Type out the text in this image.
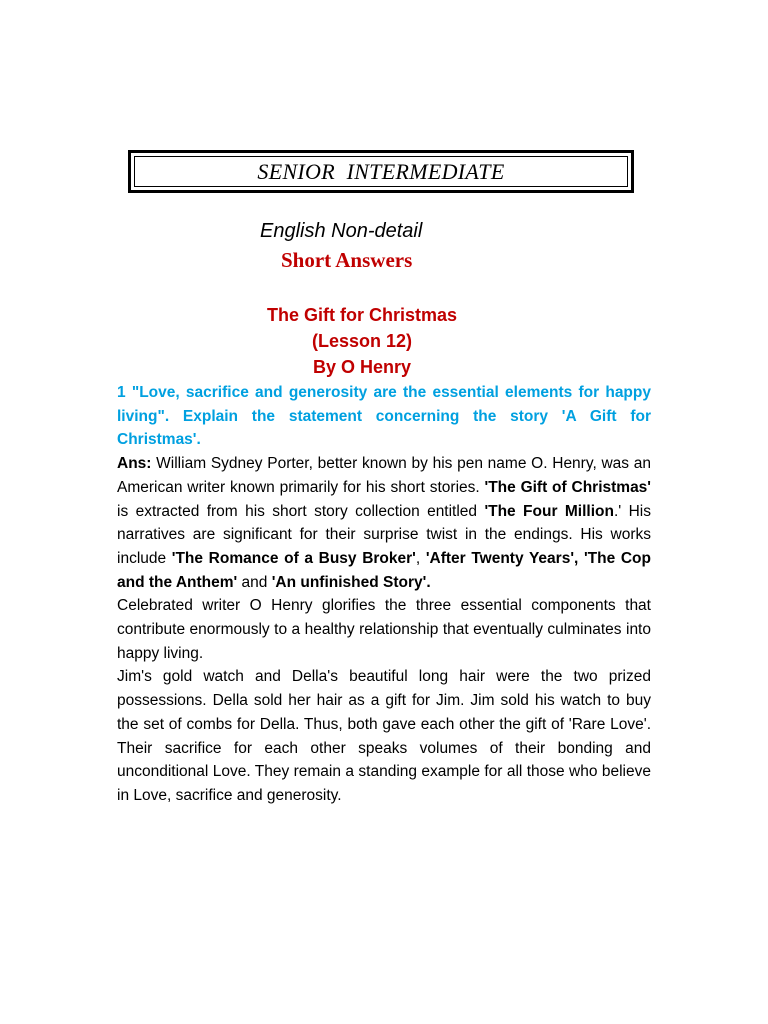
SENIOR  INTERMEDIATE
English Non-detail
Short Answers
The Gift for Christmas
(Lesson 12)
By O Henry
1 "Love, sacrifice and generosity are the essential elements for happy living". Explain the statement concerning the story 'A Gift for Christmas'.
Ans: William Sydney Porter, better known by his pen name O. Henry, was an American writer known primarily for his short stories. 'The Gift of Christmas' is extracted from his short story collection entitled 'The Four Million.' His narratives are significant for their surprise twist in the endings. His works include 'The Romance of a Busy Broker', 'After Twenty Years', 'The Cop and the Anthem' and 'An unfinished Story'.
Celebrated writer O Henry glorifies the three essential components that contribute enormously to a healthy relationship that eventually culminates into happy living.
Jim's gold watch and Della's beautiful long hair were the two prized possessions. Della sold her hair as a gift for Jim. Jim sold his watch to buy the set of combs for Della. Thus, both gave each other the gift of 'Rare Love'. Their sacrifice for each other speaks volumes of their bonding and unconditional Love. They remain a standing example for all those who believe in Love, sacrifice and generosity.
